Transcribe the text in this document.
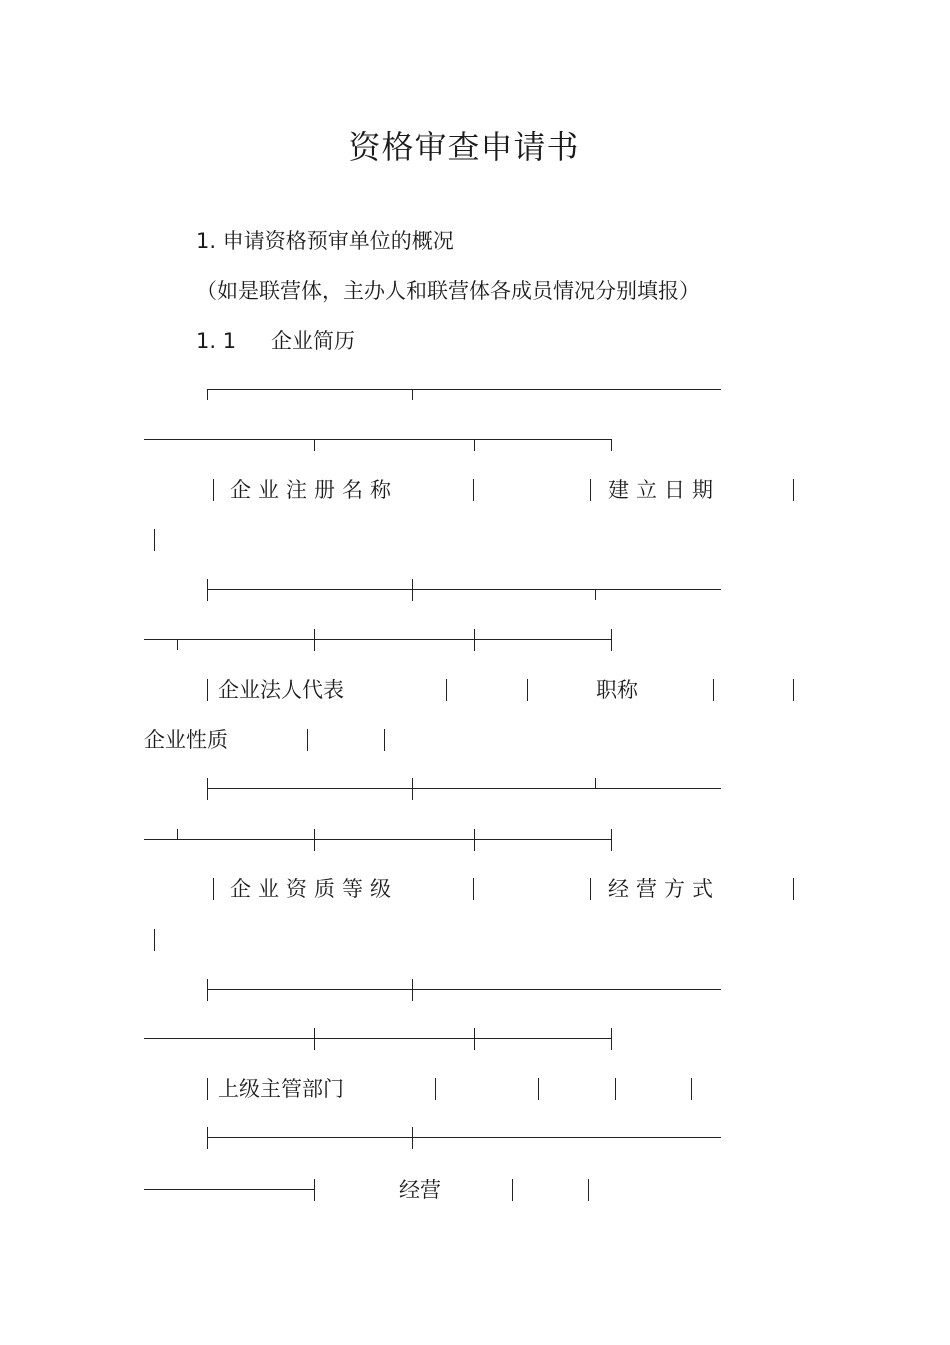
资格审查申请书
1. 申请资格预审单位的概况
（如是联营体，主办人和联营体各成员情况分别填报）
1. 1 企业简历
企业注册名称	建立日期
企业法人代表	职称
企业性质
企业资质等级	经营方式
上级主管部门
经营
